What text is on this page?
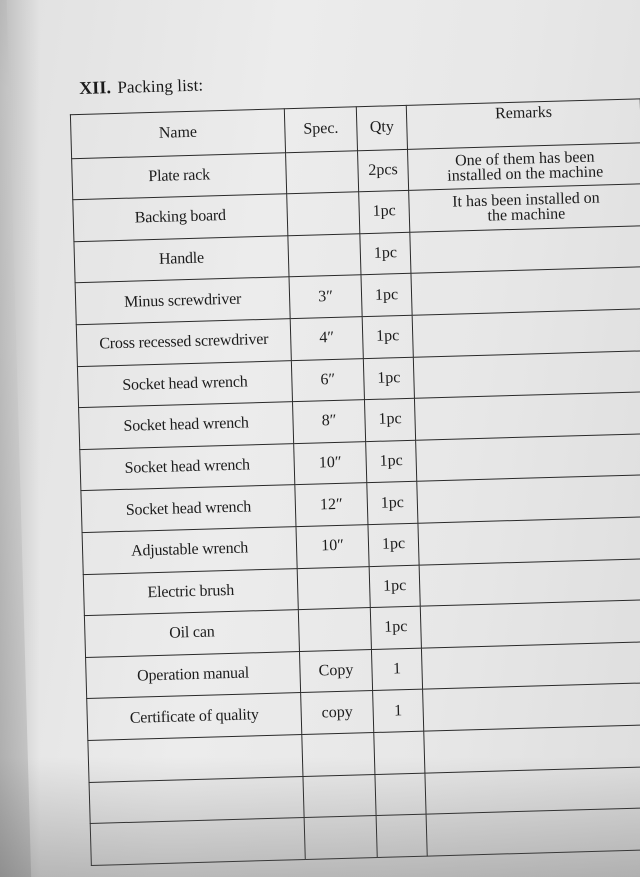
XII. Packing list:
Name	Spec.	Qty	Remarks
Plate rack		2pcs	One of them has been
installed on the machine

Backing board		1pc	It has been installed on
the machine

Handle		1pc	
Minus screwdriver	3″	1pc	
Cross recessed screwdriver	4″	1pc	
Socket head wrench	6″	1pc	
Socket head wrench	8″	1pc	
Socket head wrench	10″	1pc	
Socket head wrench	12″	1pc	
Adjustable wrench	10″	1pc	
Electric brush		1pc	
Oil can		1pc	
Operation manual	Copy	1	
Certificate of quality	copy	1	
